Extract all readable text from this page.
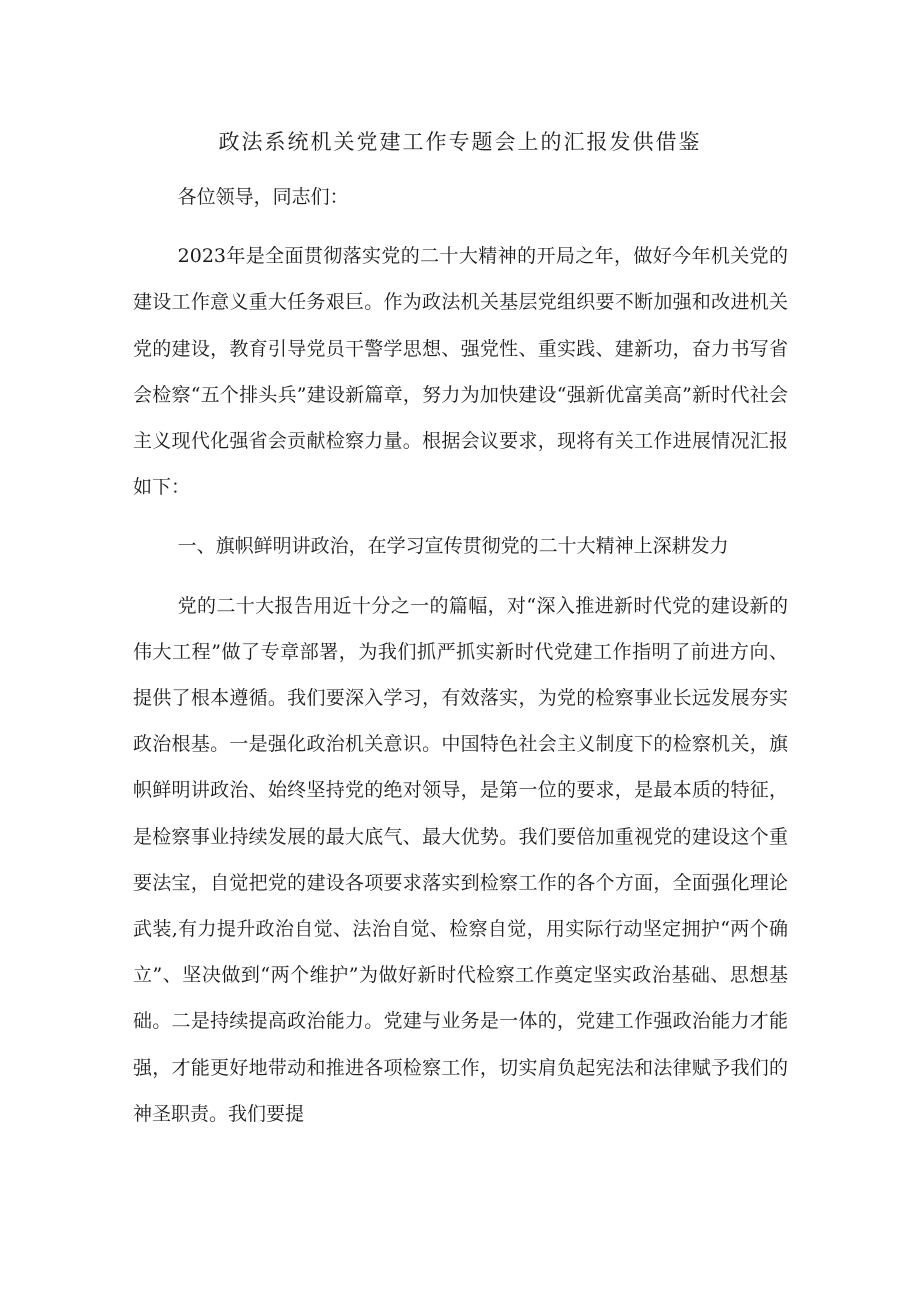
政法系统机关党建工作专题会上的汇报发供借鉴

各位领导，同志们：

2023年是全面贯彻落实党的二十大精神的开局之年，做好今年机关党的建设工作意义重大任务艰巨。作为政法机关基层党组织要不断加强和改进机关党的建设，教育引导党员干警学思想、强党性、重实践、建新功，奋力书写省会检察“五个排头兵”建设新篇章，努力为加快建设“强新优富美高”新时代社会主义现代化强省会贡献检察力量。根据会议要求，现将有关工作进展情况汇报如下：

一、旗帜鲜明讲政治，在学习宣传贯彻党的二十大精神上深耕发力

党的二十大报告用近十分之一的篇幅，对“深入推进新时代党的建设新的伟大工程”做了专章部署，为我们抓严抓实新时代党建工作指明了前进方向、提供了根本遵循。我们要深入学习，有效落实，为党的检察事业长远发展夯实政治根基。一是强化政治机关意识。中国特色社会主义制度下的检察机关，旗帜鲜明讲政治、始终坚持党的绝对领导，是第一位的要求，是最本质的特征，是检察事业持续发展的最大底气、最大优势。我们要倍加重视党的建设这个重要法宝，自觉把党的建设各项要求落实到检察工作的各个方面，全面强化理论武装,有力提升政治自觉、法治自觉、检察自觉，用实际行动坚定拥护“两个确立”、坚决做到“两个维护”为做好新时代检察工作奠定坚实政治基础、思想基础。二是持续提高政治能力。党建与业务是一体的，党建工作强政治能力才能强，才能更好地带动和推进各项检察工作，切实肩负起宪法和法律赋予我们的神圣职责。我们要提
